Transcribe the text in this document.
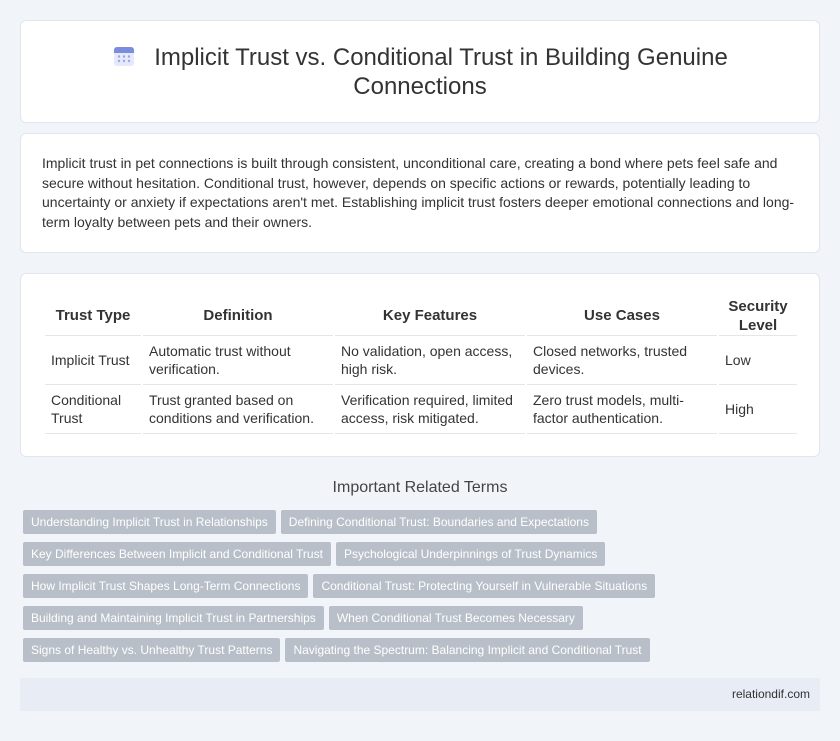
Implicit Trust vs. Conditional Trust in Building Genuine
Connections

Implicit trust in pet connections is built through consistent, unconditional care, creating a bond where pets feel safe and secure without hesitation. Conditional trust, however, depends on specific actions or rewards, potentially leading to uncertainty or anxiety if expectations aren't met. Establishing implicit trust fosters deeper emotional connections and long-term loyalty between pets and their owners.

Trust Type	Definition	Key Features	Use Cases	Security Level
Implicit Trust	Automatic trust without verification.	No validation, open access, high risk.	Closed networks, trusted devices.	Low
Conditional Trust	Trust granted based on conditions and verification.	Verification required, limited access, risk mitigated.	Zero trust models, multi-factor authentication.	High
Important Related Terms
Understanding Implicit Trust in Relationships Defining Conditional Trust: Boundaries and Expectations
Key Differences Between Implicit and Conditional Trust Psychological Underpinnings of Trust Dynamics
How Implicit Trust Shapes Long-Term Connections Conditional Trust: Protecting Yourself in Vulnerable Situations
Building and Maintaining Implicit Trust in Partnerships When Conditional Trust Becomes Necessary
Signs of Healthy vs. Unhealthy Trust Patterns Navigating the Spectrum: Balancing Implicit and Conditional Trust
relationdif.com
